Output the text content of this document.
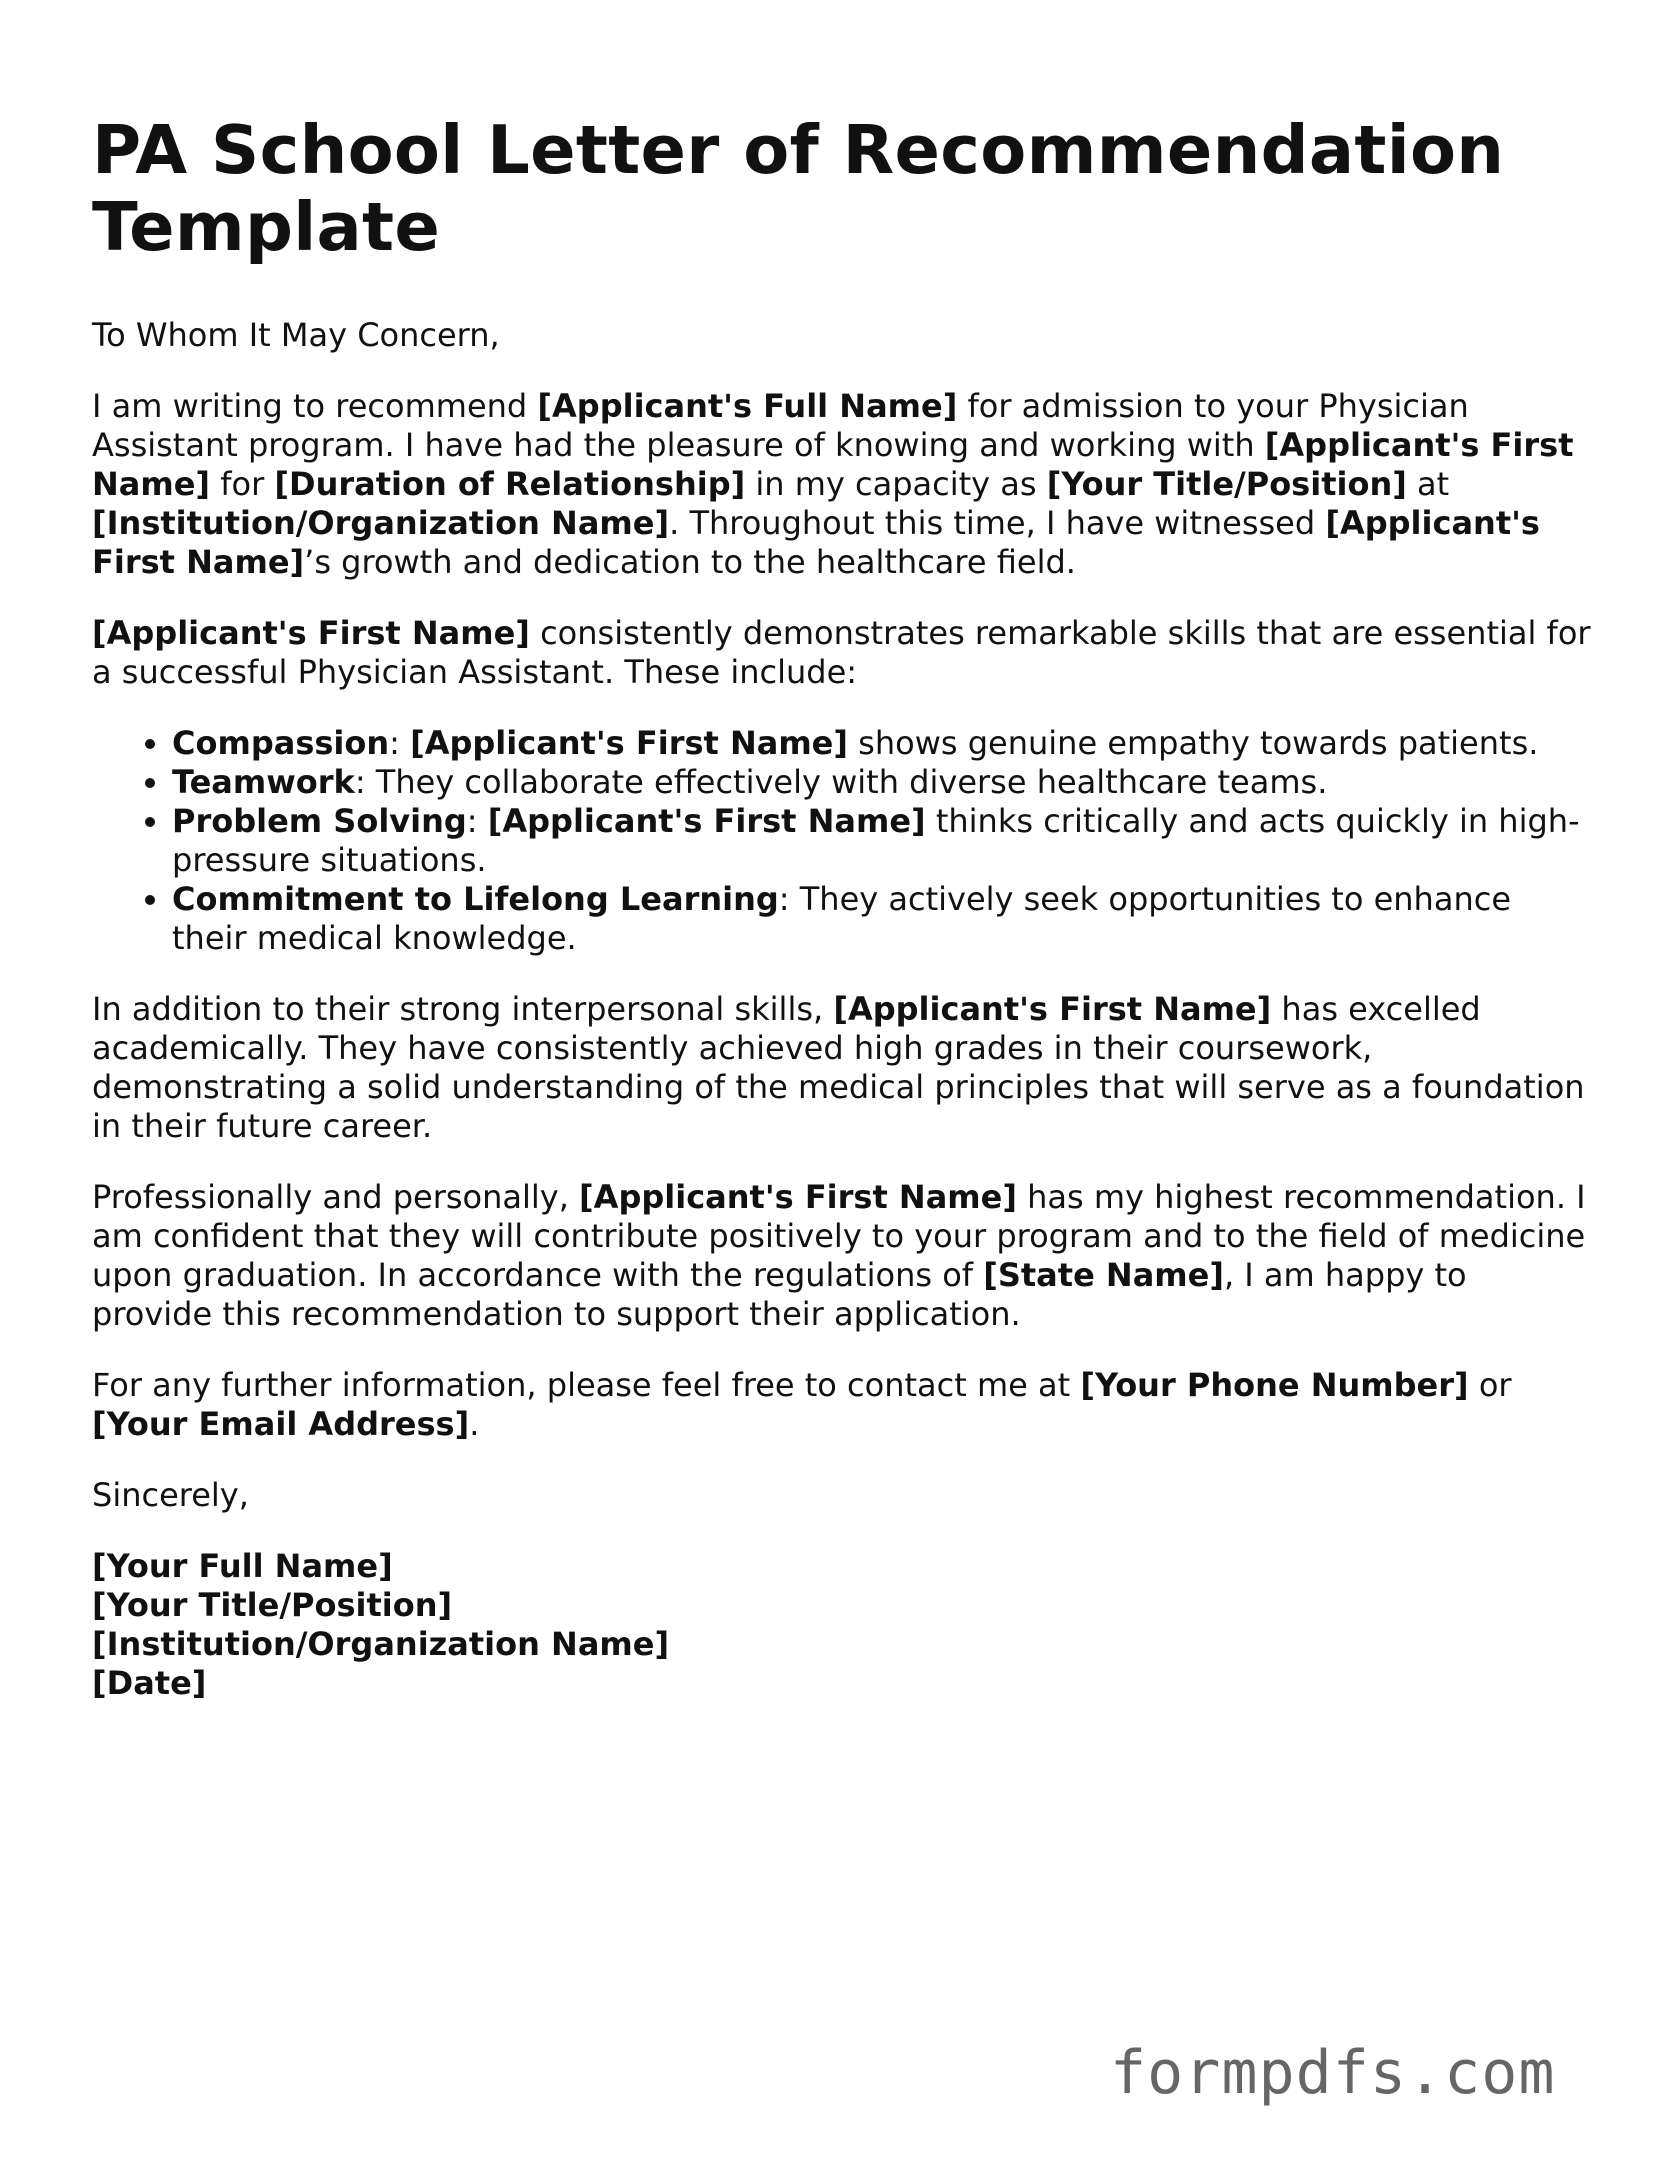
PA School Letter of Recommendation Template

To Whom It May Concern,

I am writing to recommend [Applicant's Full Name] for admission to your Physician Assistant program. I have had the pleasure of knowing and working with [Applicant's First Name] for [Duration of Relationship] in my capacity as [Your Title/Position] at [Institution/Organization Name]. Throughout this time, I have witnessed [Applicant's First Name]’s growth and dedication to the healthcare field.

[Applicant's First Name] consistently demonstrates remarkable skills that are essential for a successful Physician Assistant. These include:

• Compassion: [Applicant's First Name] shows genuine empathy towards patients.
• Teamwork: They collaborate effectively with diverse healthcare teams.
• Problem Solving: [Applicant's First Name] thinks critically and acts quickly in high-pressure situations.
• Commitment to Lifelong Learning: They actively seek opportunities to enhance their medical knowledge.

In addition to their strong interpersonal skills, [Applicant's First Name] has excelled academically. They have consistently achieved high grades in their coursework, demonstrating a solid understanding of the medical principles that will serve as a foundation in their future career.

Professionally and personally, [Applicant's First Name] has my highest recommendation. I am confident that they will contribute positively to your program and to the field of medicine upon graduation. In accordance with the regulations of [State Name], I am happy to provide this recommendation to support their application.

For any further information, please feel free to contact me at [Your Phone Number] or [Your Email Address].

Sincerely,

[Your Full Name]
[Your Title/Position]
[Institution/Organization Name]
[Date]
formpdfs.com
